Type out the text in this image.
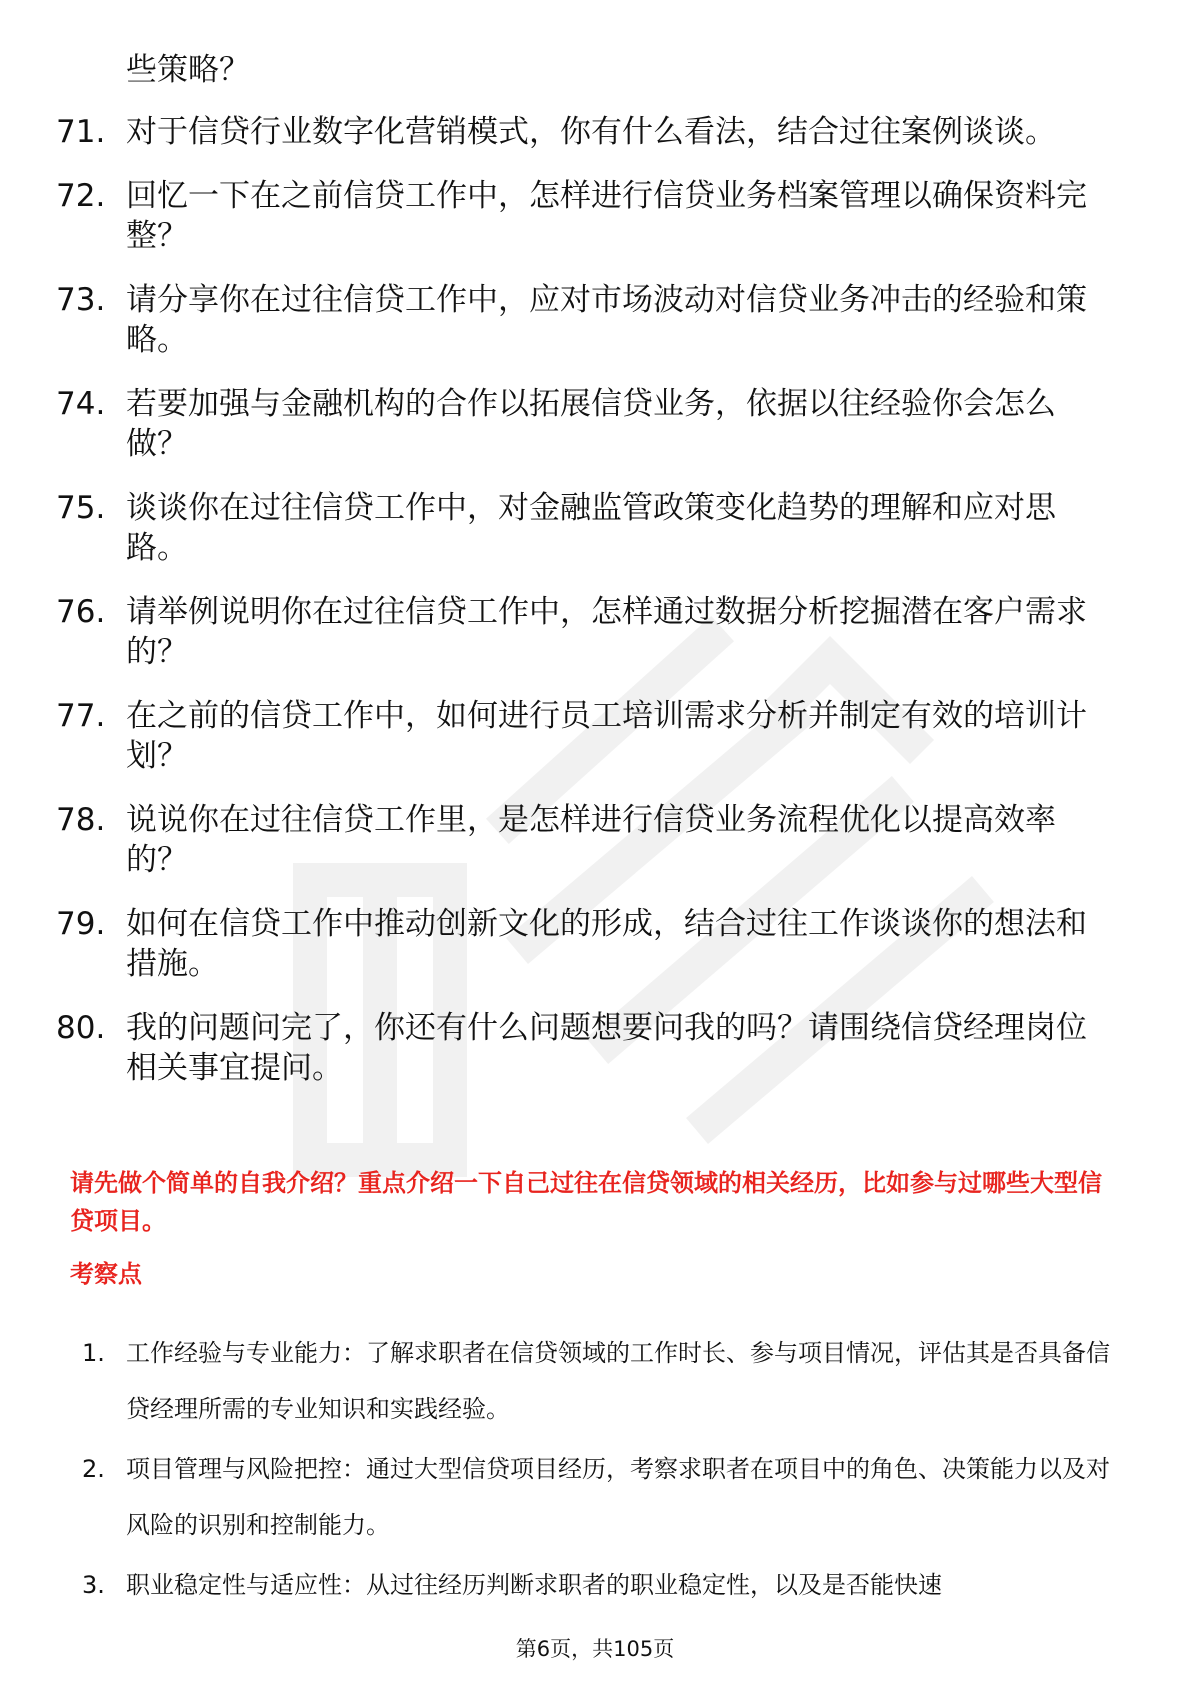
些策略？

71. 对于信贷行业数字化营销模式，你有什么看法，结合过往案例谈谈。
72. 回忆一下在之前信贷工作中，怎样进行信贷业务档案管理以确保资料完整？
73. 请分享你在过往信贷工作中，应对市场波动对信贷业务冲击的经验和策略。
74. 若要加强与金融机构的合作以拓展信贷业务，依据以往经验你会怎么做？
75. 谈谈你在过往信贷工作中，对金融监管政策变化趋势的理解和应对思路。
76. 请举例说明你在过往信贷工作中，怎样通过数据分析挖掘潜在客户需求的？
77. 在之前的信贷工作中，如何进行员工培训需求分析并制定有效的培训计划？
78. 说说你在过往信贷工作里，是怎样进行信贷业务流程优化以提高效率的？
79. 如何在信贷工作中推动创新文化的形成，结合过往工作谈谈你的想法和措施。
80. 我的问题问完了，你还有什么问题想要问我的吗？请围绕信贷经理岗位相关事宜提问。

请先做个简单的自我介绍？重点介绍一下自己过往在信贷领域的相关经历，比如参与过哪些大型信贷项目。

考察点

1. 工作经验与专业能力：了解求职者在信贷领域的工作时长、参与项目情况，评估其是否具备信贷经理所需的专业知识和实践经验。
2. 项目管理与风险把控：通过大型信贷项目经历，考察求职者在项目中的角色、决策能力以及对风险的识别和控制能力。
3. 职业稳定性与适应性：从过往经历判断求职者的职业稳定性，以及是否能快速
第6页，共105页
